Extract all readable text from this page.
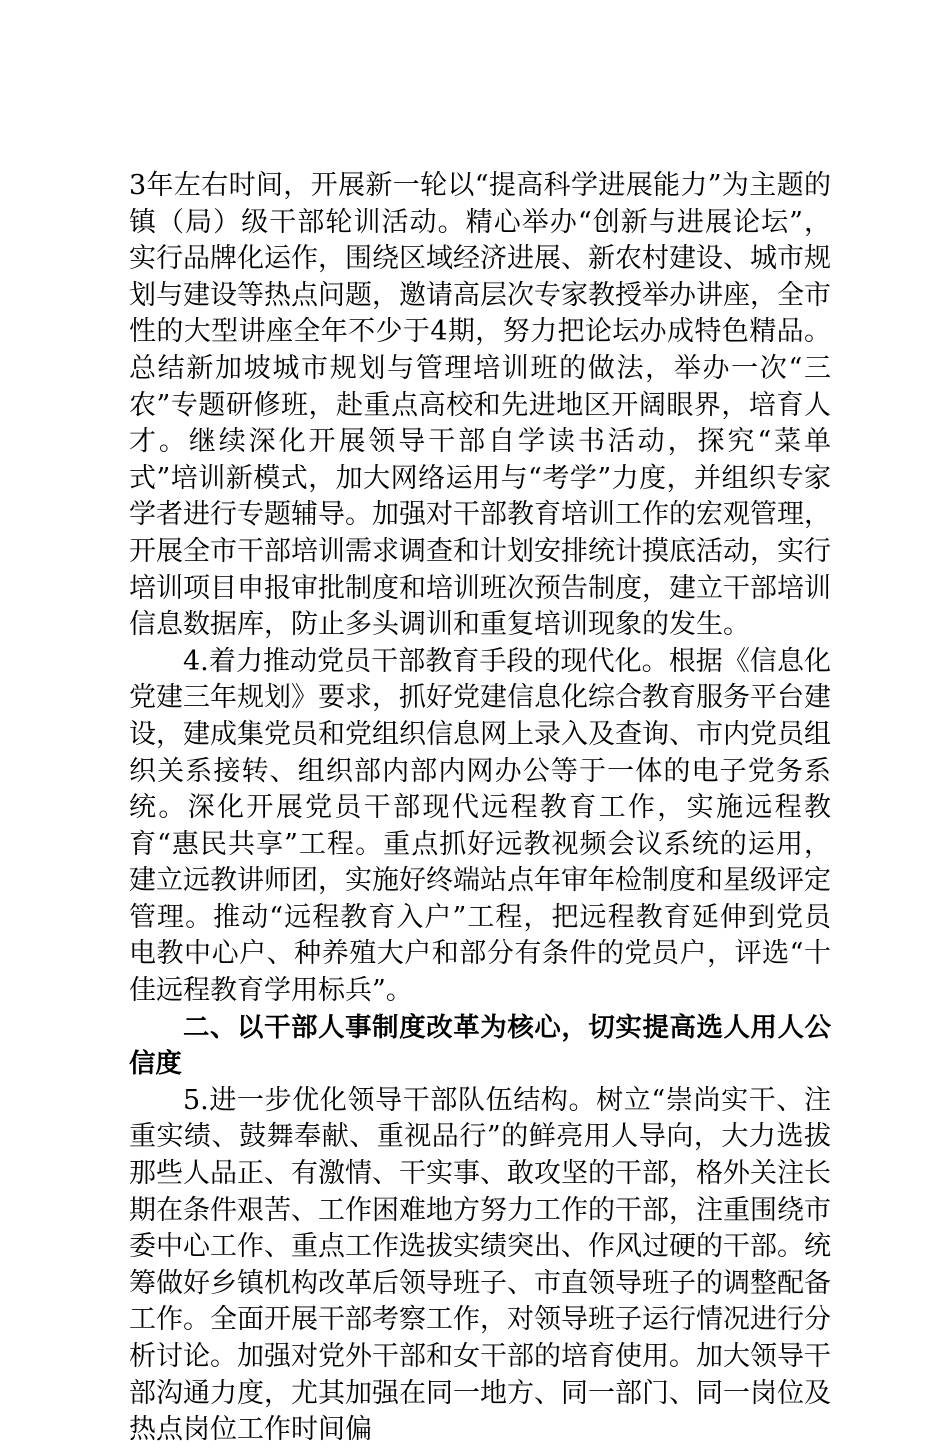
3年左右时间，开展新一轮以“提高科学进展能力”为主题的镇（局）级干部轮训活动。精心举办“创新与进展论坛”，实行品牌化运作，围绕区域经济进展、新农村建设、城市规划与建设等热点问题，邀请高层次专家教授举办讲座，全市性的大型讲座全年不少于4期，努力把论坛办成特色精品。总结新加坡城市规划与管理培训班的做法，举办一次“三农”专题研修班，赴重点高校和先进地区开阔眼界，培育人才。继续深化开展领导干部自学读书活动，探究“菜单式”培训新模式，加大网络运用与“考学”力度，并组织专家学者进行专题辅导。加强对干部教育培训工作的宏观管理，开展全市干部培训需求调查和计划安排统计摸底活动，实行培训项目申报审批制度和培训班次预告制度，建立干部培训信息数据库，防止多头调训和重复培训现象的发生。

4.着力推动党员干部教育手段的现代化。根据《信息化党建三年规划》要求，抓好党建信息化综合教育服务平台建设，建成集党员和党组织信息网上录入及查询、市内党员组织关系接转、组织部内部内网办公等于一体的电子党务系统。深化开展党员干部现代远程教育工作，实施远程教育“惠民共享”工程。重点抓好远教视频会议系统的运用，建立远教讲师团，实施好终端站点年审年检制度和星级评定管理。推动“远程教育入户”工程，把远程教育延伸到党员电教中心户、种养殖大户和部分有条件的党员户，评选“十佳远程教育学用标兵”。

二、以干部人事制度改革为核心，切实提高选人用人公信度

5.进一步优化领导干部队伍结构。树立“崇尚实干、注重实绩、鼓舞奉献、重视品行”的鲜亮用人导向，大力选拔那些人品正、有激情、干实事、敢攻坚的干部，格外关注长期在条件艰苦、工作困难地方努力工作的干部，注重围绕市委中心工作、重点工作选拔实绩突出、作风过硬的干部。统筹做好乡镇机构改革后领导班子、市直领导班子的调整配备工作。全面开展干部考察工作，对领导班子运行情况进行分析讨论。加强对党外干部和女干部的培育使用。加大领导干部沟通力度，尤其加强在同一地方、同一部门、同一岗位及热点岗位工作时间偏
